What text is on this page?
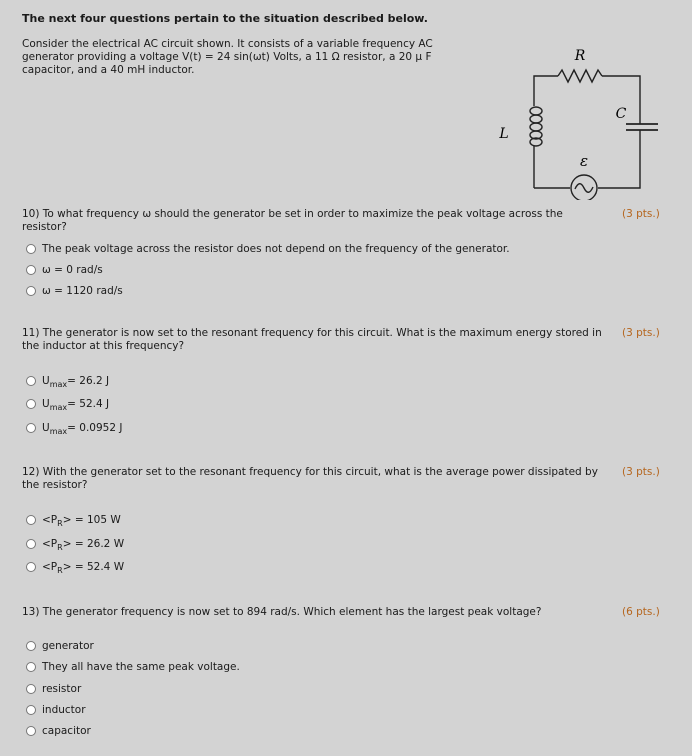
The next four questions pertain to the situation described below.
Consider the electrical AC circuit shown. It consists of a variable frequency AC generator providing a voltage V(t) = 24 sin(ωt) Volts, a 11 Ω resistor, a 20 μ F capacitor, and a 40 mH inductor.
R
C
L
ε
10) To what frequency ω should the generator be set in order to maximize the peak voltage across the resistor?
(3 pts.)
The peak voltage across the resistor does not depend on the frequency of the generator.
ω = 0 rad/s
ω = 1120 rad/s
11) The generator is now set to the resonant frequency for this circuit. What is the maximum energy stored in the inductor at this frequency?
(3 pts.)
U max = 26.2 J
U max = 52.4 J
U max = 0.0952 J
12) With the generator set to the resonant frequency for this circuit, what is the average power dissipated by the resistor?
(3 pts.)
<P R > = 105 W
<P R > = 26.2 W
<P R > = 52.4 W
13) The generator frequency is now set to 894 rad/s. Which element has the largest peak voltage?	(6 pts.)
generator
They all have the same peak voltage.
resistor
inductor
capacitor
